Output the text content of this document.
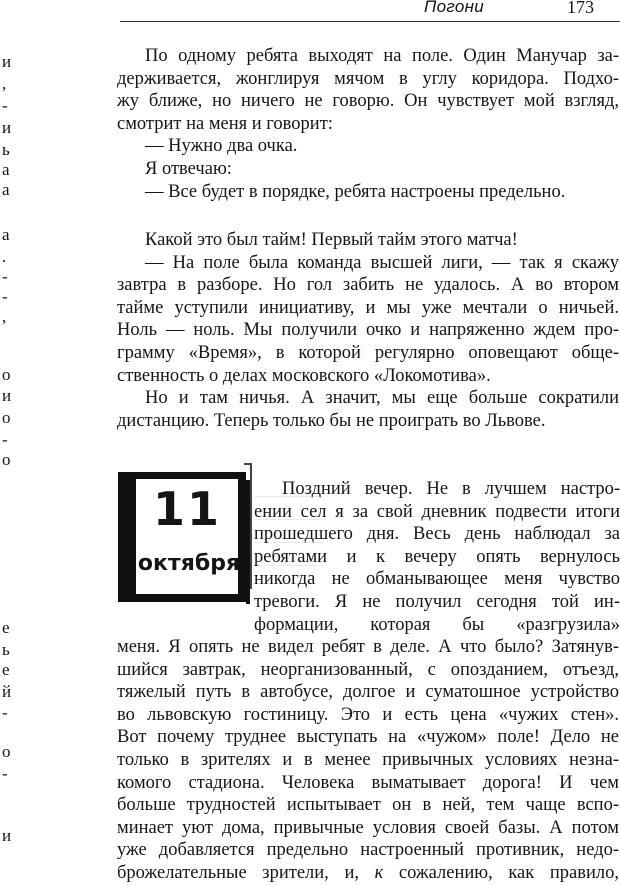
Погони	173
и
,
-
и
ь
а
а
а
.
-
-
,
о
и
о
-
о
е
ь
е
й
-
о
-
и

По одному ребята выходят на поле. Один Манучар за-

держивается, жонглируя мячом в углу коридора. Подхо-

жу ближе, но ничего не говорю. Он чувствует мой взгляд,

смотрит на меня и говорит:

— Нужно два очка.

Я отвечаю:

— Все будет в порядке, ребята настроены предельно.

Какой это был тайм! Первый тайм этого матча!

— На поле была команда высшей лиги, — так я скажу

завтра в разборе. Но гол забить не удалось. А во втором

тайме уступили инициативу, и мы уже мечтали о ничьей.

Ноль — ноль. Мы получили очко и напряженно ждем про-

грамму «Время», в которой регулярно оповещают обще-

ственность о делах московского «Локомотива».

Но и там ничья. А значит, мы еще больше сократили

дистанцию. Теперь только бы не проиграть во Львове.

11
октября

Поздний вечер. Не в лучшем настро-

ении сел я за свой дневник подвести итоги

прошедшего дня. Весь день наблюдал за

ребятами и к вечеру опять вернулось

никогда не обманывающее меня чувство

тревоги. Я не получил сегодня той ин-

формации, которая бы «разгрузила»

меня. Я опять не видел ребят в деле. А что было? Затянув-

шийся завтрак, неорганизованный, с опозданием, отъезд,

тяжелый путь в автобусе, долгое и суматошное устройство

во львовскую гостиницу. Это и есть цена «чужих стен».

Вот почему труднее выступать на «чужом» поле! Дело не

только в зрителях и в менее привычных условиях незна-

комого стадиона. Человека выматывает дорога! И чем

больше трудностей испытывает он в ней, тем чаще вспо-

минает уют дома, привычные условия своей базы. А потом

уже добавляется предельно настроенный противник, недо-

брожелательные зрители, и, к сожалению, как правило,
